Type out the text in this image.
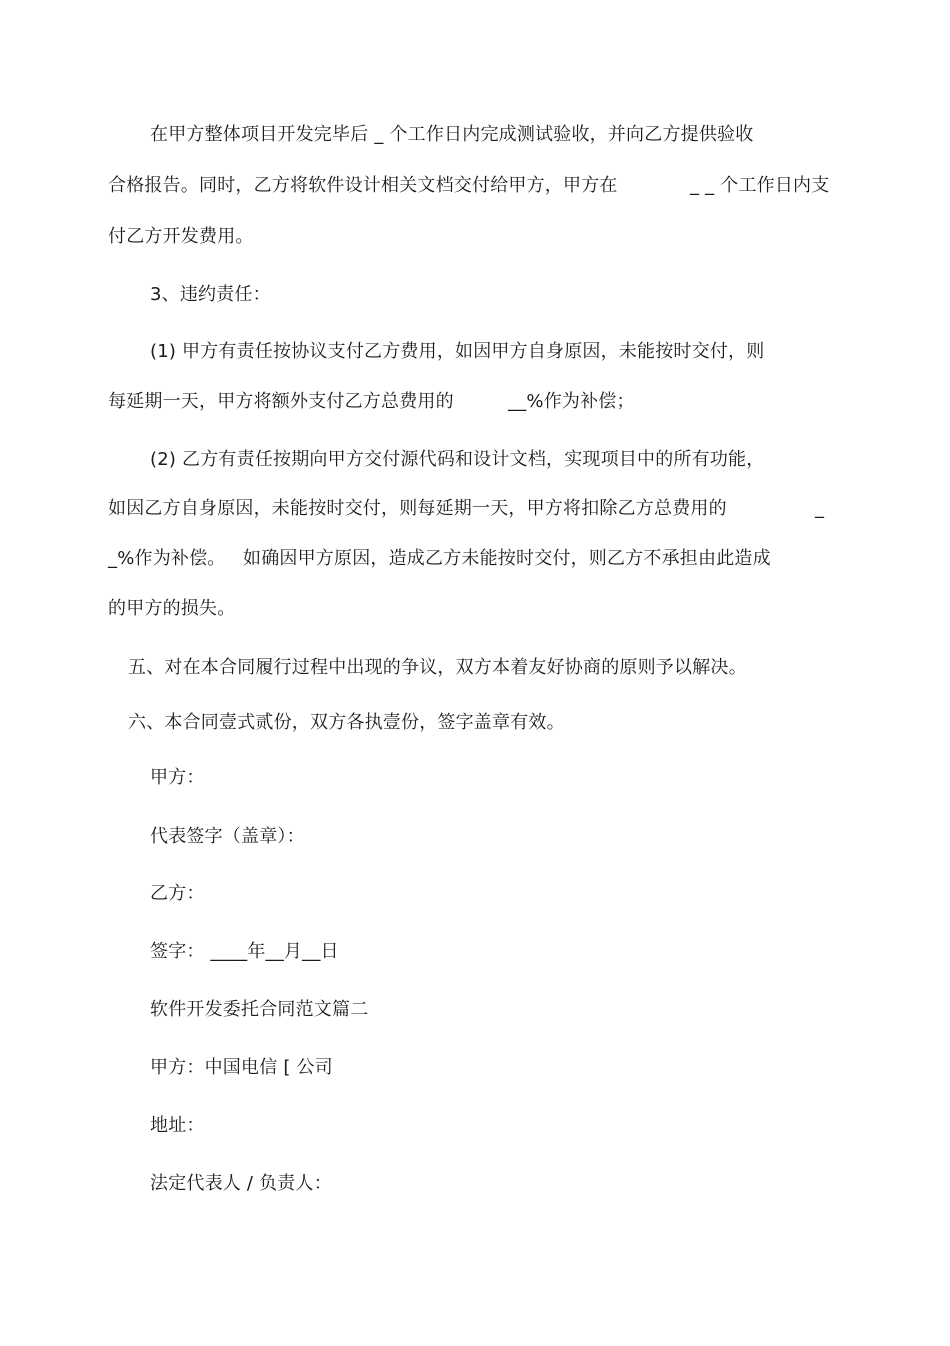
在甲方整体项目开发完毕后 _ 个工作日内完成测试验收，并向乙方提供验收
合格报告。同时，乙方将软件设计相关文档交付给甲方，甲方在	_ _ 个工作日内支
付乙方开发费用。
3、违约责任：
(1) 甲方有责任按协议支付乙方费用，如因甲方自身原因，未能按时交付，则
每延期一天，甲方将额外支付乙方总费用的	__%作为补偿；
(2) 乙方有责任按期向甲方交付源代码和设计文档，实现项目中的所有功能，
如因乙方自身原因，未能按时交付，则每延期一天，甲方将扣除乙方总费用的	_
_%作为补偿。 如确因甲方原因，造成乙方未能按时交付，则乙方不承担由此造成
的甲方的损失。
五、对在本合同履行过程中出现的争议，双方本着友好协商的原则予以解决。
六、本合同壹式贰份，双方各执壹份，签字盖章有效。
甲方：
代表签字（盖章）：
乙方：
签字： ____年__月__日
软件开发委托合同范文篇二
甲方：中国电信 [ 公司
地址：
法定代表人 / 负责人：
